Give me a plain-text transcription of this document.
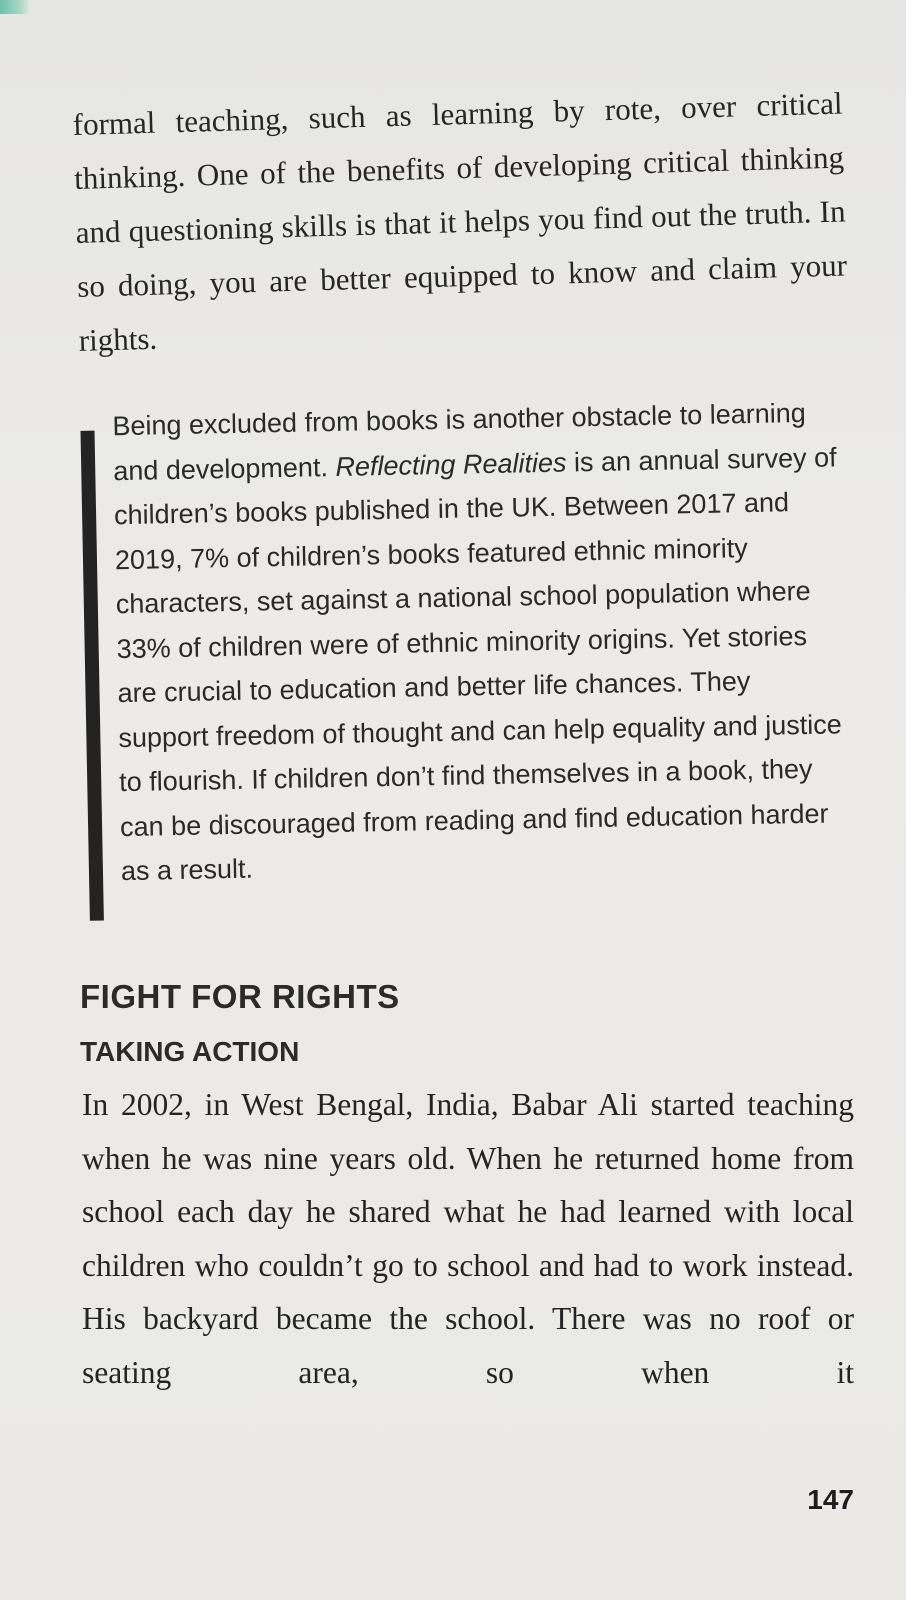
formal teaching, such as learning by rote, over critical thinking. One of the benefits of developing critical thinking and questioning skills is that it helps you find out the truth. In so doing, you are better equipped to know and claim your rights.

Being excluded from books is another obstacle to learning and development. Reflecting Realities is an annual survey of children’s books published in the UK. Between 2017 and 2019, 7% of children’s books featured ethnic minority characters, set against a national school population where 33% of children were of ethnic minority origins. Yet stories are crucial to education and better life chances. They support freedom of thought and can help equality and justice to flourish. If children don’t find themselves in a book, they can be discouraged from reading and find education harder as a result.

FIGHT FOR RIGHTS
TAKING ACTION

In 2002, in West Bengal, India, Babar Ali started teaching when he was nine years old. When he returned home from school each day he shared what he had learned with local children who couldn’t go to school and had to work instead. His backyard became the school. There was no roof or seating area, so when it

147
